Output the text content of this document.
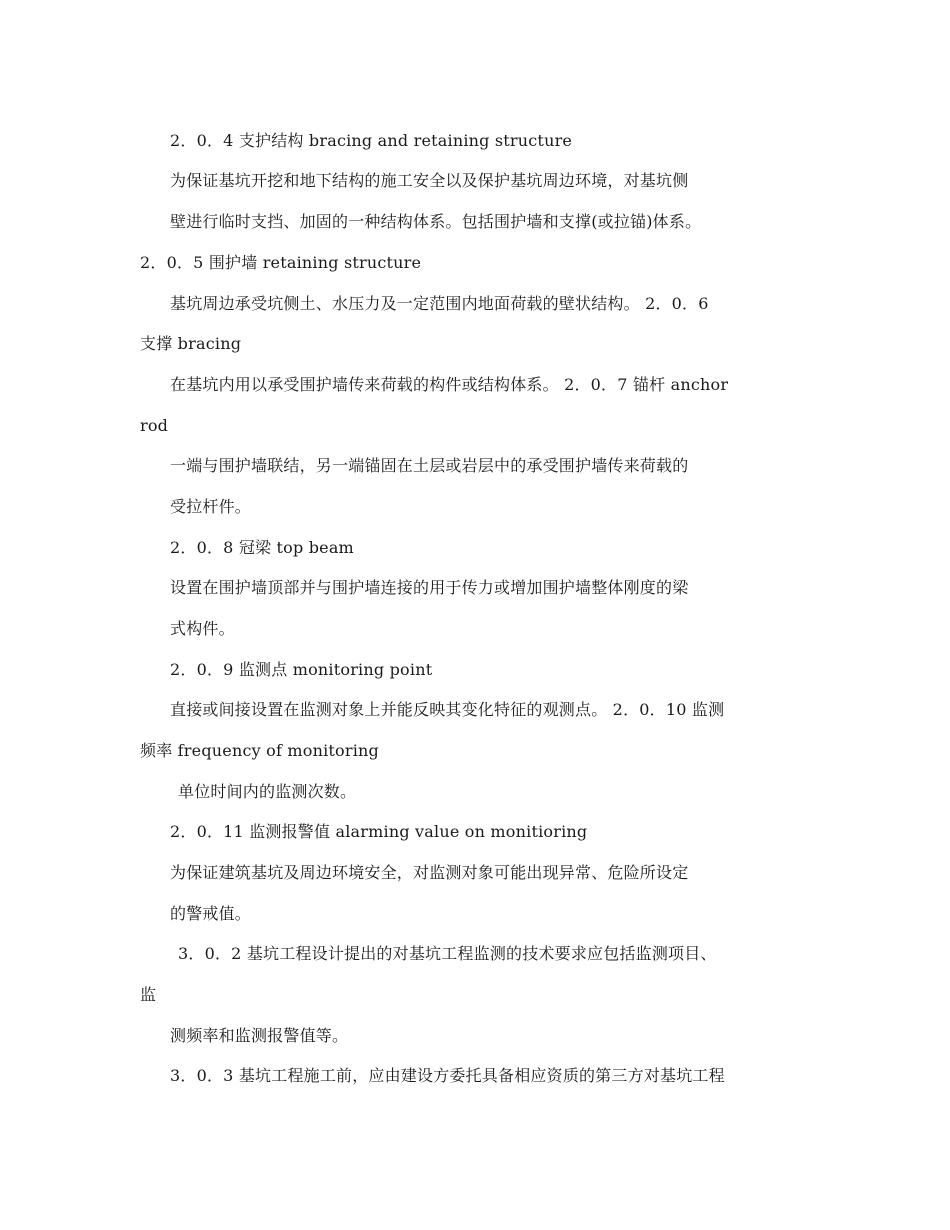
2．0．4 支护结构 bracing and retaining structure
为保证基坑开挖和地下结构的施工安全以及保护基坑周边环境，对基坑侧
壁进行临时支挡、加固的一种结构体系。包括围护墙和支撑(或拉锚)体系。
2．0．5 围护墙 retaining structure
基坑周边承受坑侧土、水压力及一定范围内地面荷载的壁状结构。 2．0．6
支撑 bracing
在基坑内用以承受围护墙传来荷载的构件或结构体系。 2．0．7 锚杆 anchor
rod
一端与围护墙联结，另一端锚固在土层或岩层中的承受围护墙传来荷载的
受拉杆件。
2．0．8 冠梁 top beam
设置在围护墙顶部并与围护墙连接的用于传力或增加围护墙整体刚度的梁
式构件。
2．0．9 监测点 monitoring point
直接或间接设置在监测对象上并能反映其变化特征的观测点。 2．0．10 监测
频率 frequency of monitoring
单位时间内的监测次数。
2．0．11 监测报警值 alarming value on monitioring
为保证建筑基坑及周边环境安全，对监测对象可能出现异常、危险所设定
的警戒值。
3．0．2 基坑工程设计提出的对基坑工程监测的技术要求应包括监测项目、
监
测频率和监测报警值等。
3．0．3 基坑工程施工前，应由建设方委托具备相应资质的第三方对基坑工程
